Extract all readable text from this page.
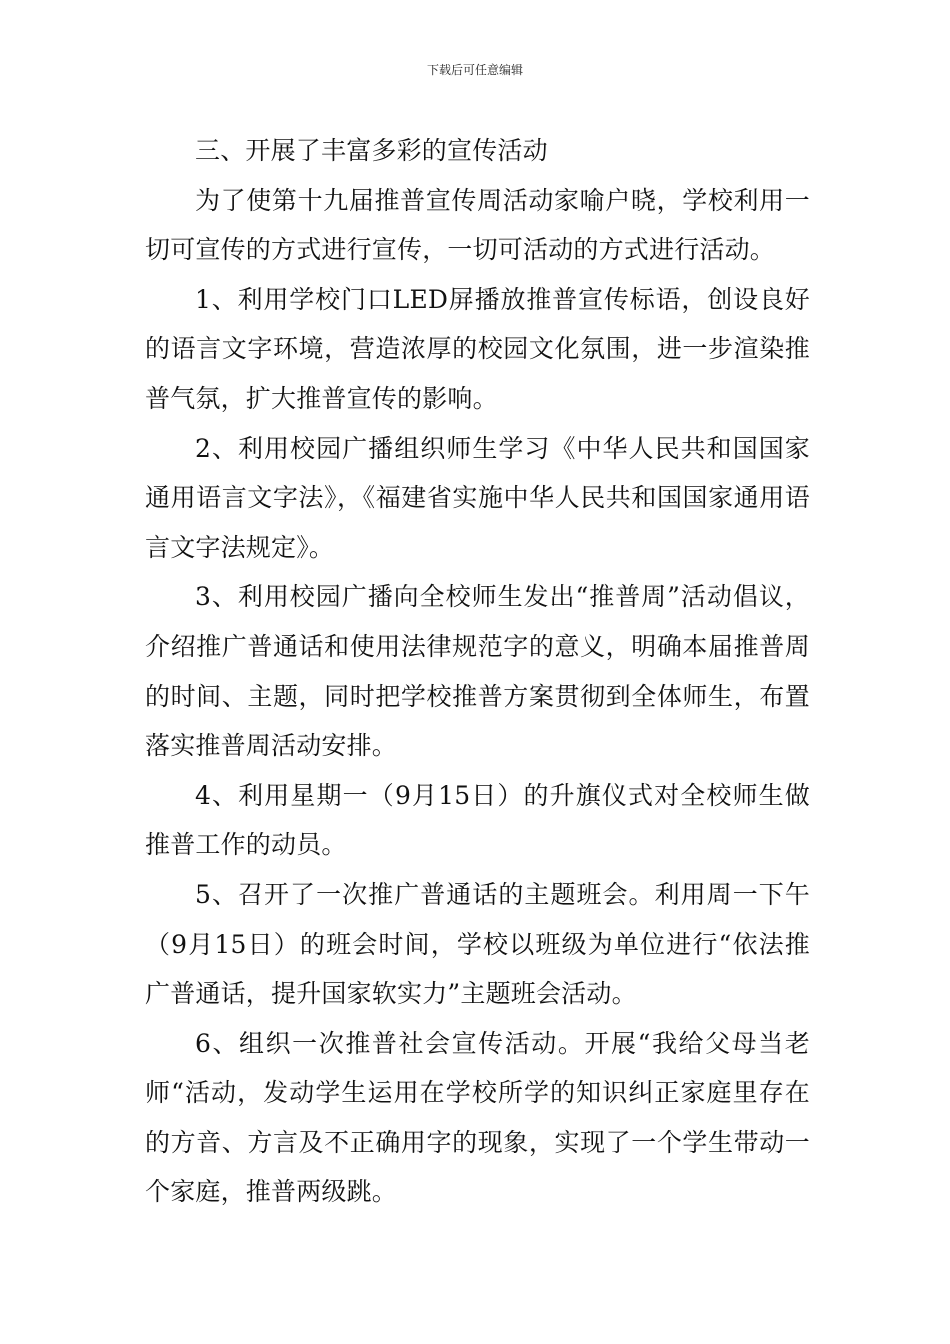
下载后可任意编辑

三、开展了丰富多彩的宣传活动

为了使第十九届推普宣传周活动家喻户晓，学校利用一切可宣传的方式进行宣传，一切可活动的方式进行活动。

1、利用学校门口LED屏播放推普宣传标语，创设良好的语言文字环境，营造浓厚的校园文化氛围，进一步渲染推普气氛，扩大推普宣传的影响。

2、利用校园广播组织师生学习《中华人民共和国国家通用语言文字法》，《福建省实施中华人民共和国国家通用语言文字法规定》。

3、利用校园广播向全校师生发出“推普周”活动倡议，介绍推广普通话和使用法律规范字的意义，明确本届推普周的时间、主题，同时把学校推普方案贯彻到全体师生，布置落实推普周活动安排。

4、利用星期一（9月15日）的升旗仪式对全校师生做推普工作的动员。

5、召开了一次推广普通话的主题班会。利用周一下午（9月15日）的班会时间，学校以班级为单位进行“依法推广普通话，提升国家软实力”主题班会活动。

6、组织一次推普社会宣传活动。开展“我给父母当老师“活动，发动学生运用在学校所学的知识纠正家庭里存在的方音、方言及不正确用字的现象，实现了一个学生带动一个家庭，推普两级跳。
